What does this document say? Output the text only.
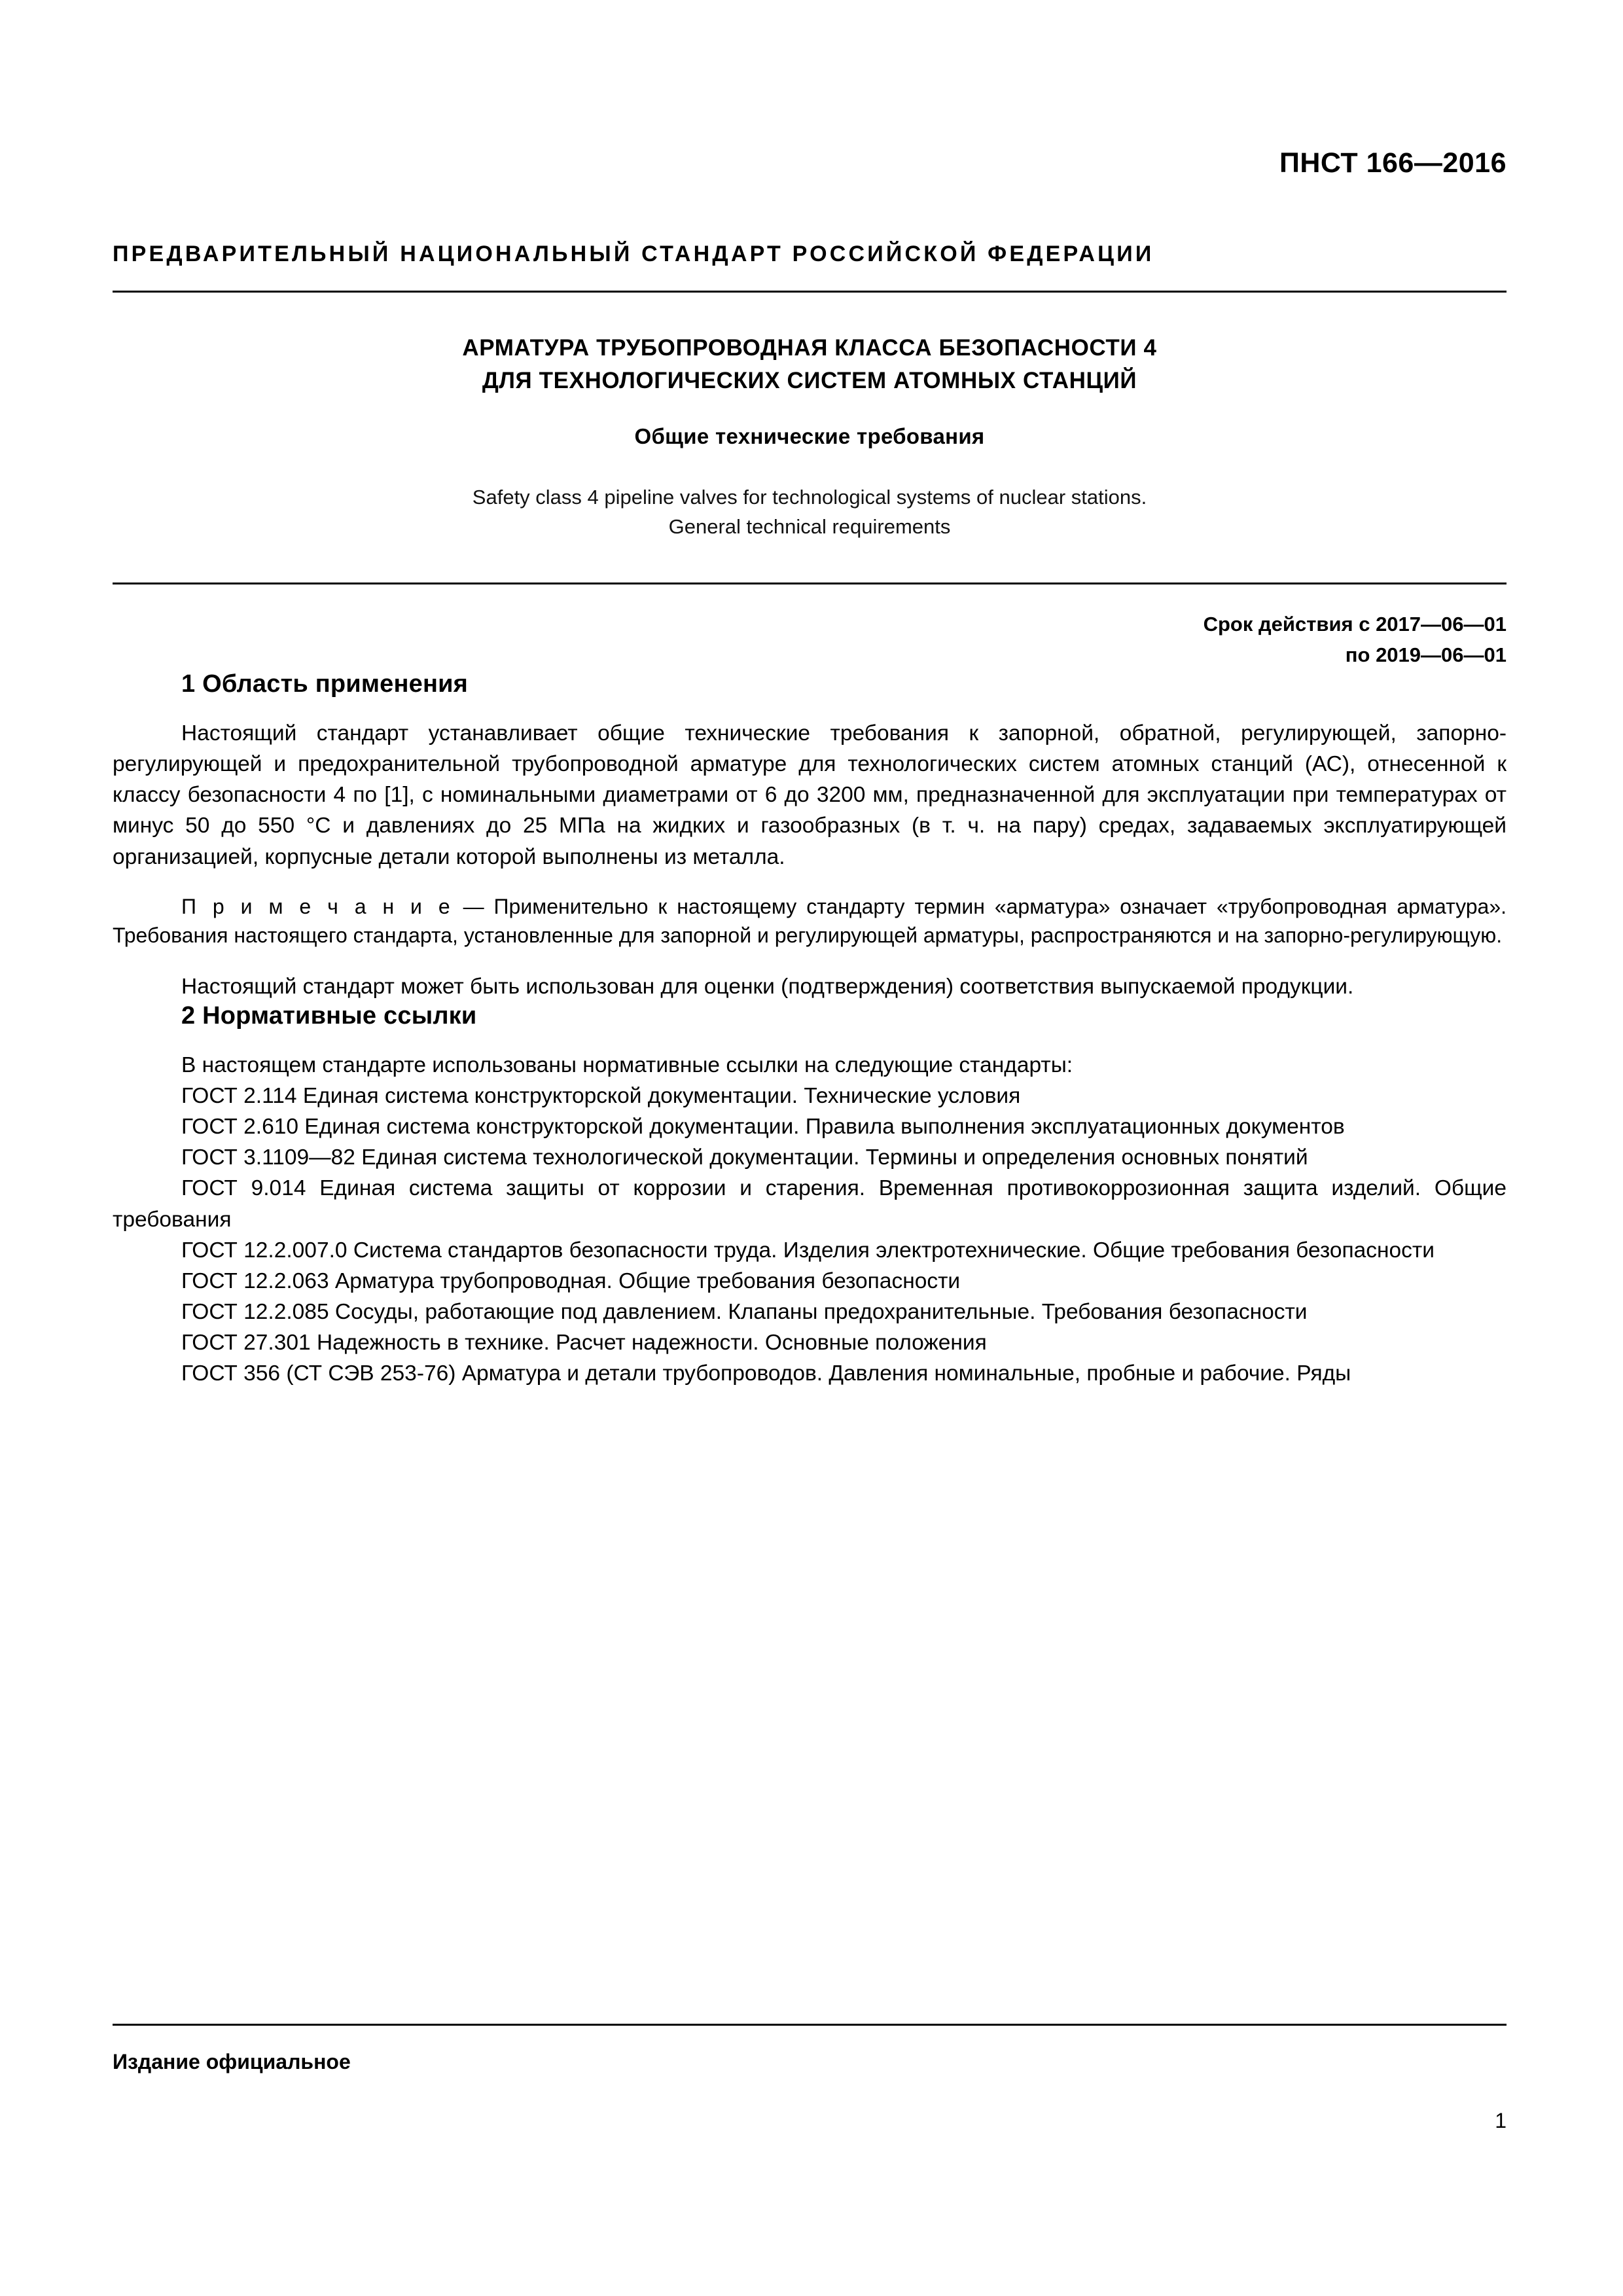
ПНСТ 166—2016
ПРЕДВАРИТЕЛЬНЫЙ НАЦИОНАЛЬНЫЙ СТАНДАРТ РОССИЙСКОЙ ФЕДЕРАЦИИ
АРМАТУРА ТРУБОПРОВОДНАЯ КЛАССА БЕЗОПАСНОСТИ 4
ДЛЯ ТЕХНОЛОГИЧЕСКИХ СИСТЕМ АТОМНЫХ СТАНЦИЙ
Общие технические требования
Safety class 4 pipeline valves for technological systems of nuclear stations.
General technical requirements
Срок действия с 2017—06—01
по 2019—06—01
1 Область применения

Настоящий стандарт устанавливает общие технические требования к запорной, обратной, регулирующей, запорно-регулирующей и предохранительной трубопроводной арматуре для технологических систем атомных станций (АС), отнесенной к классу безопасности 4 по [1], с номинальными диаметрами от 6 до 3200 мм, предназначенной для эксплуатации при температурах от минус 50 до 550 °С и давлениях до 25 МПа на жидких и газообразных (в т. ч. на пару) средах, задаваемых эксплуатирующей организацией, корпусные детали которой выполнены из металла.

П р и м е ч а н и е — Применительно к настоящему стандарту термин «арматура» означает «трубопроводная арматура». Требования настоящего стандарта, установленные для запорной и регулирующей арматуры, распространяются и на запорно-регулирующую.

Настоящий стандарт может быть использован для оценки (подтверждения) соответствия выпускаемой продукции.

2 Нормативные ссылки

В настоящем стандарте использованы нормативные ссылки на следующие стандарты:

ГОСТ 2.114 Единая система конструкторской документации. Технические условия

ГОСТ 2.610 Единая система конструкторской документации. Правила выполнения эксплуатационных документов

ГОСТ 3.1109—82 Единая система технологической документации. Термины и определения основных понятий

ГОСТ 9.014 Единая система защиты от коррозии и старения. Временная противокоррозионная защита изделий. Общие требования

ГОСТ 12.2.007.0 Система стандартов безопасности труда. Изделия электротехнические. Общие требования безопасности

ГОСТ 12.2.063 Арматура трубопроводная. Общие требования безопасности

ГОСТ 12.2.085 Сосуды, работающие под давлением. Клапаны предохранительные. Требования безопасности

ГОСТ 27.301 Надежность в технике. Расчет надежности. Основные положения

ГОСТ 356 (СТ СЭВ 253-76) Арматура и детали трубопроводов. Давления номинальные, пробные и рабочие. Ряды

Издание официальное
1
